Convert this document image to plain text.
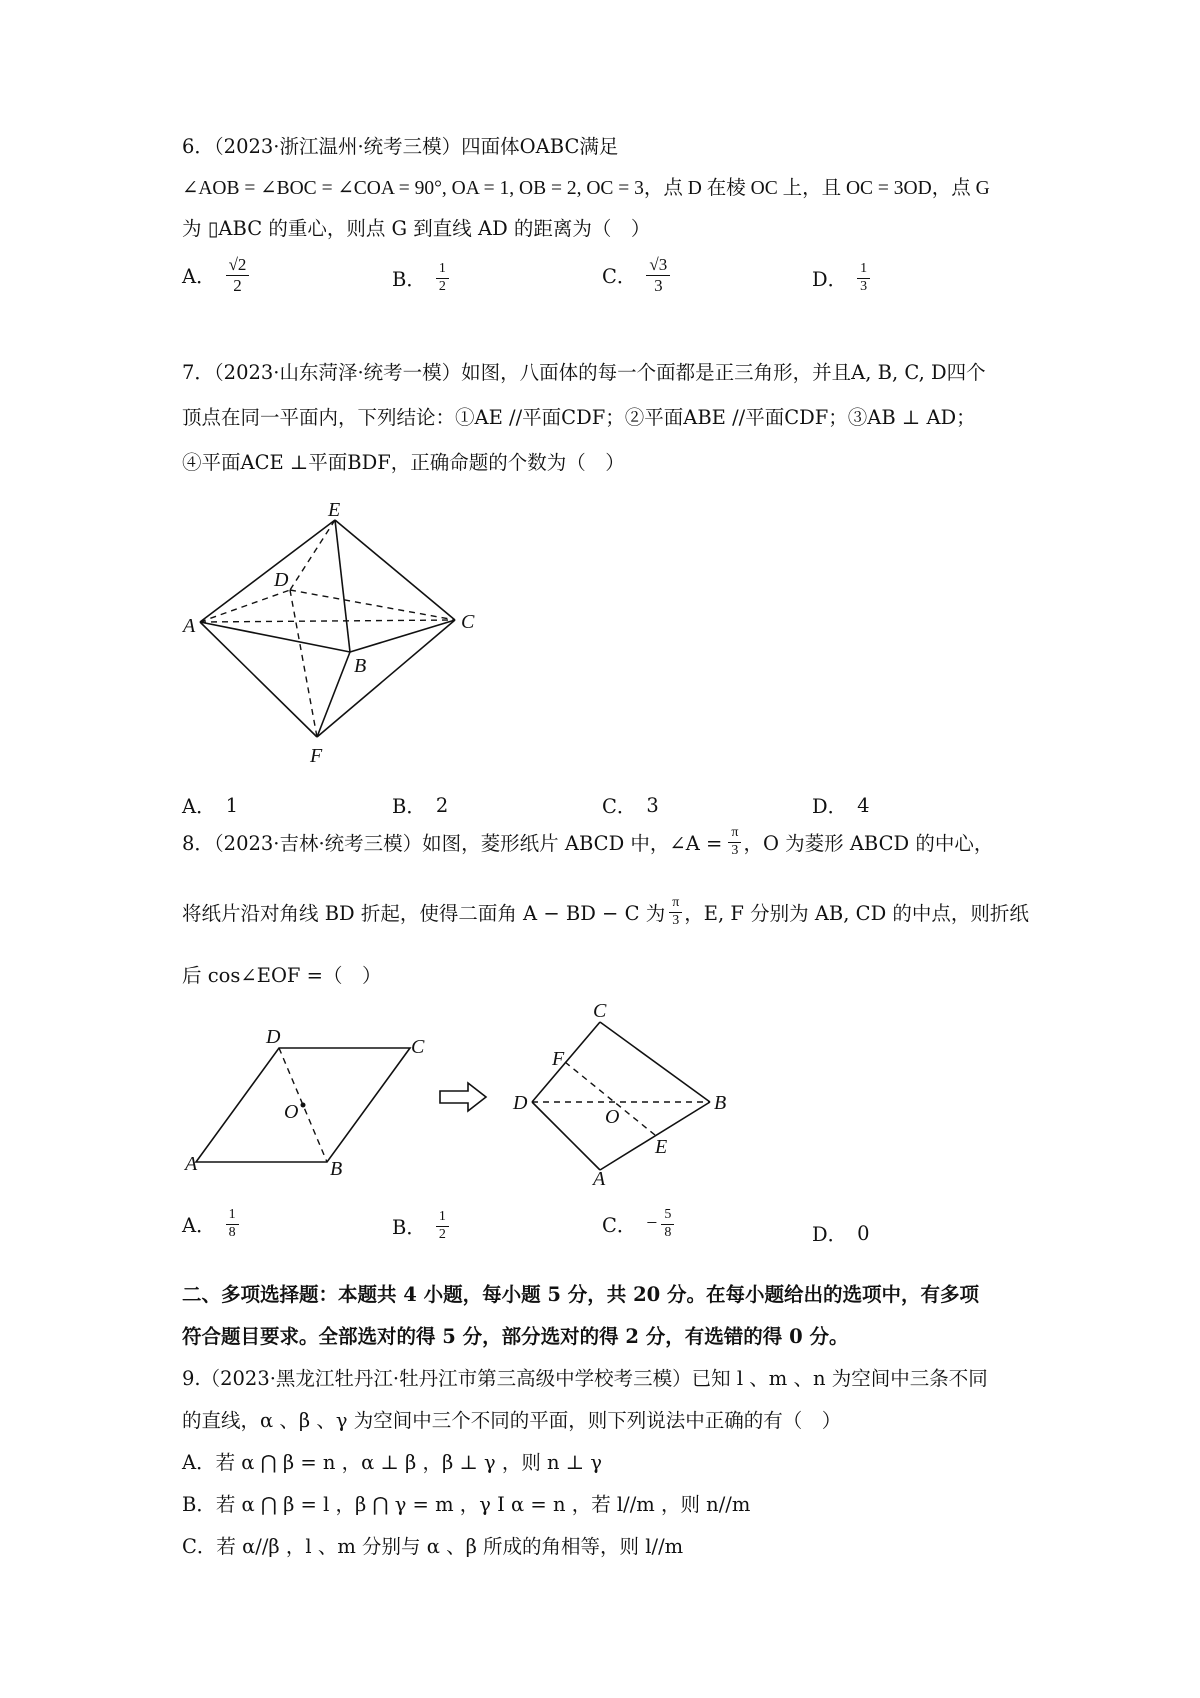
6．（2023·浙江温州·统考三模）四面体OABC满足
∠AOB = ∠BOC = ∠COA = 90°, OA = 1, OB = 2, OC = 3，点 D 在棱 OC 上，且 OC = 3OD，点 G
为 ▯ABC 的重心，则点 G 到直线 AD 的距离为（　）
A． $\frac{√2}{2}$	B． $\frac{1}{2}$	C． $\frac{√3}{3}$	D． $\frac{1}{3}$
7．（2023·山东菏泽·统考一模）如图，八面体的每一个面都是正三角形，并且A, B, C, D四个
顶点在同一平面内，下列结论：①AE //平面CDF；②平面ABE //平面CDF；③AB ⊥ AD；
④平面ACE ⊥平面BDF，正确命题的个数为（　）
E
D
C
A
B
F
A． 1	B． 2	C． 3	D． 4
8．（2023·吉林·统考三模）如图，菱形纸片 ABCD 中，∠A = $\frac{\pi}{3}$ ，O 为菱形 ABCD 的中心，
将纸片沿对角线 BD 折起，使得二面角 A − BD − C 为 $\frac{\pi}{3}$ ，E, F 分别为 AB, CD 的中点，则折纸
后 cos∠EOF =（　）
D	C
A	B
O
C
F
D
O
B
E
A
A． $\frac{1}{8}$	B． $\frac{1}{2}$	C． − $\frac{5}{8}$	D． 0
二、多项选择题：本题共 4 小题，每小题 5 分，共 20 分。在每小题给出的选项中，有多项
符合题目要求。全部选对的得 5 分，部分选对的得 2 分，有选错的得 0 分。
9.（2023·黑龙江牡丹江·牡丹江市第三高级中学校考三模）已知 l 、m 、n 为空间中三条不同
的直线，α 、β 、γ 为空间中三个不同的平面，则下列说法中正确的有（　）
A．若 α ⋂ β = n ，α ⊥ β ，β ⊥ γ ，则 n ⊥ γ
B．若 α ⋂ β = l ，β ⋂ γ = m ，γ I α = n ，若 l//m ，则 n//m
C．若 α//β ，l 、m 分别与 α 、β 所成的角相等，则 l//m
